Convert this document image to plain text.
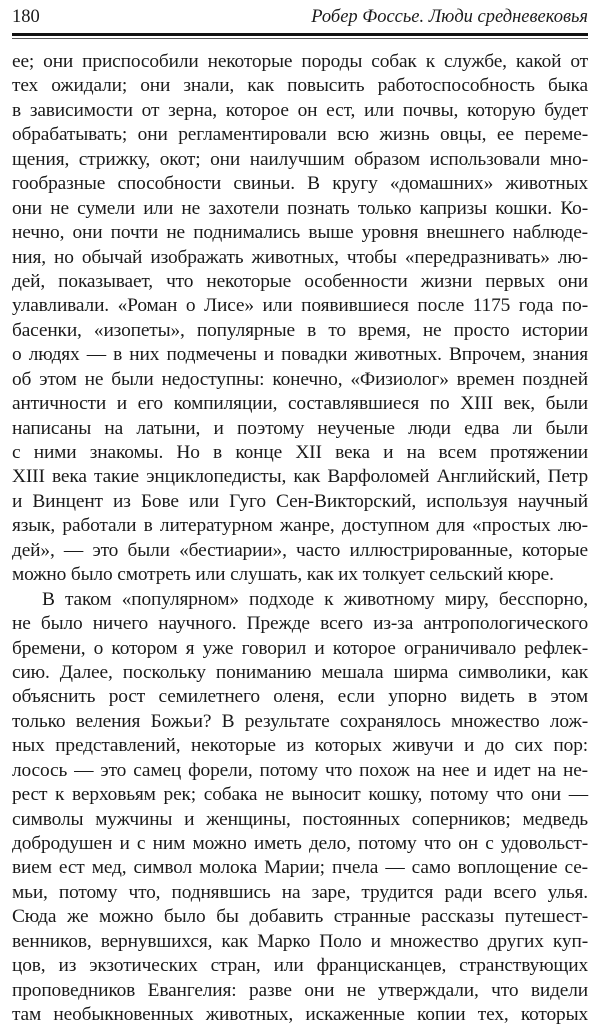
180	Робер Фоссье. Люди средневековья
ее; они приспособили некоторые породы собак к службе, какой от
тех ожидали; они знали, как повысить работоспособность быка
в зависимости от зерна, которое он ест, или почвы, которую будет
обрабатывать; они регламентировали всю жизнь овцы, ее переме-
щения, стрижку, окот; они наилучшим образом использовали мно-
гообразные способности свиньи. В кругу «домашних» животных
они не сумели или не захотели познать только капризы кошки. Ко-
нечно, они почти не поднимались выше уровня внешнего наблюде-
ния, но обычай изображать животных, чтобы «передразнивать» лю-
дей, показывает, что некоторые особенности жизни первых они
улавливали. «Роман о Лисе» или появившиеся после 1175 года по-
басенки, «изопеты», популярные в то время, не просто истории
о людях — в них подмечены и повадки животных. Впрочем, знания
об этом не были недоступны: конечно, «Физиолог» времен поздней
античности и его компиляции, составлявшиеся по XIII век, были
написаны на латыни, и поэтому неученые люди едва ли были
с ними знакомы. Но в конце XII века и на всем протяжении
XIII века такие энциклопедисты, как Варфоломей Английский, Петр
и Винцент из Бове или Гуго Сен-Викторский, используя научный
язык, работали в литературном жанре, доступном для «простых лю-
дей», — это были «бестиарии», часто иллюстрированные, которые
можно было смотреть или слушать, как их толкует сельский кюре.
В таком «популярном» подходе к животному миру, бесспорно,
не было ничего научного. Прежде всего из-за антропологического
бремени, о котором я уже говорил и которое ограничивало рефлек-
сию. Далее, поскольку пониманию мешала ширма символики, как
объяснить рост семилетнего оленя, если упорно видеть в этом
только веления Божьи? В результате сохранялось множество лож-
ных представлений, некоторые из которых живучи и до сих пор:
лосось — это самец форели, потому что похож на нее и идет на не-
рест к верховьям рек; собака не выносит кошку, потому что они —
символы мужчины и женщины, постоянных соперников; медведь
добродушен и с ним можно иметь дело, потому что он с удовольст-
вием ест мед, символ молока Марии; пчела — само воплощение се-
мьи, потому что, поднявшись на заре, трудится ради всего улья.
Сюда же можно было бы добавить странные рассказы путешест-
венников, вернувшихся, как Марко Поло и множество других куп-
цов, из экзотических стран, или францисканцев, странствующих
проповедников Евангелия: разве они не утверждали, что видели
там необыкновенных животных, искаженные копии тех, которых
